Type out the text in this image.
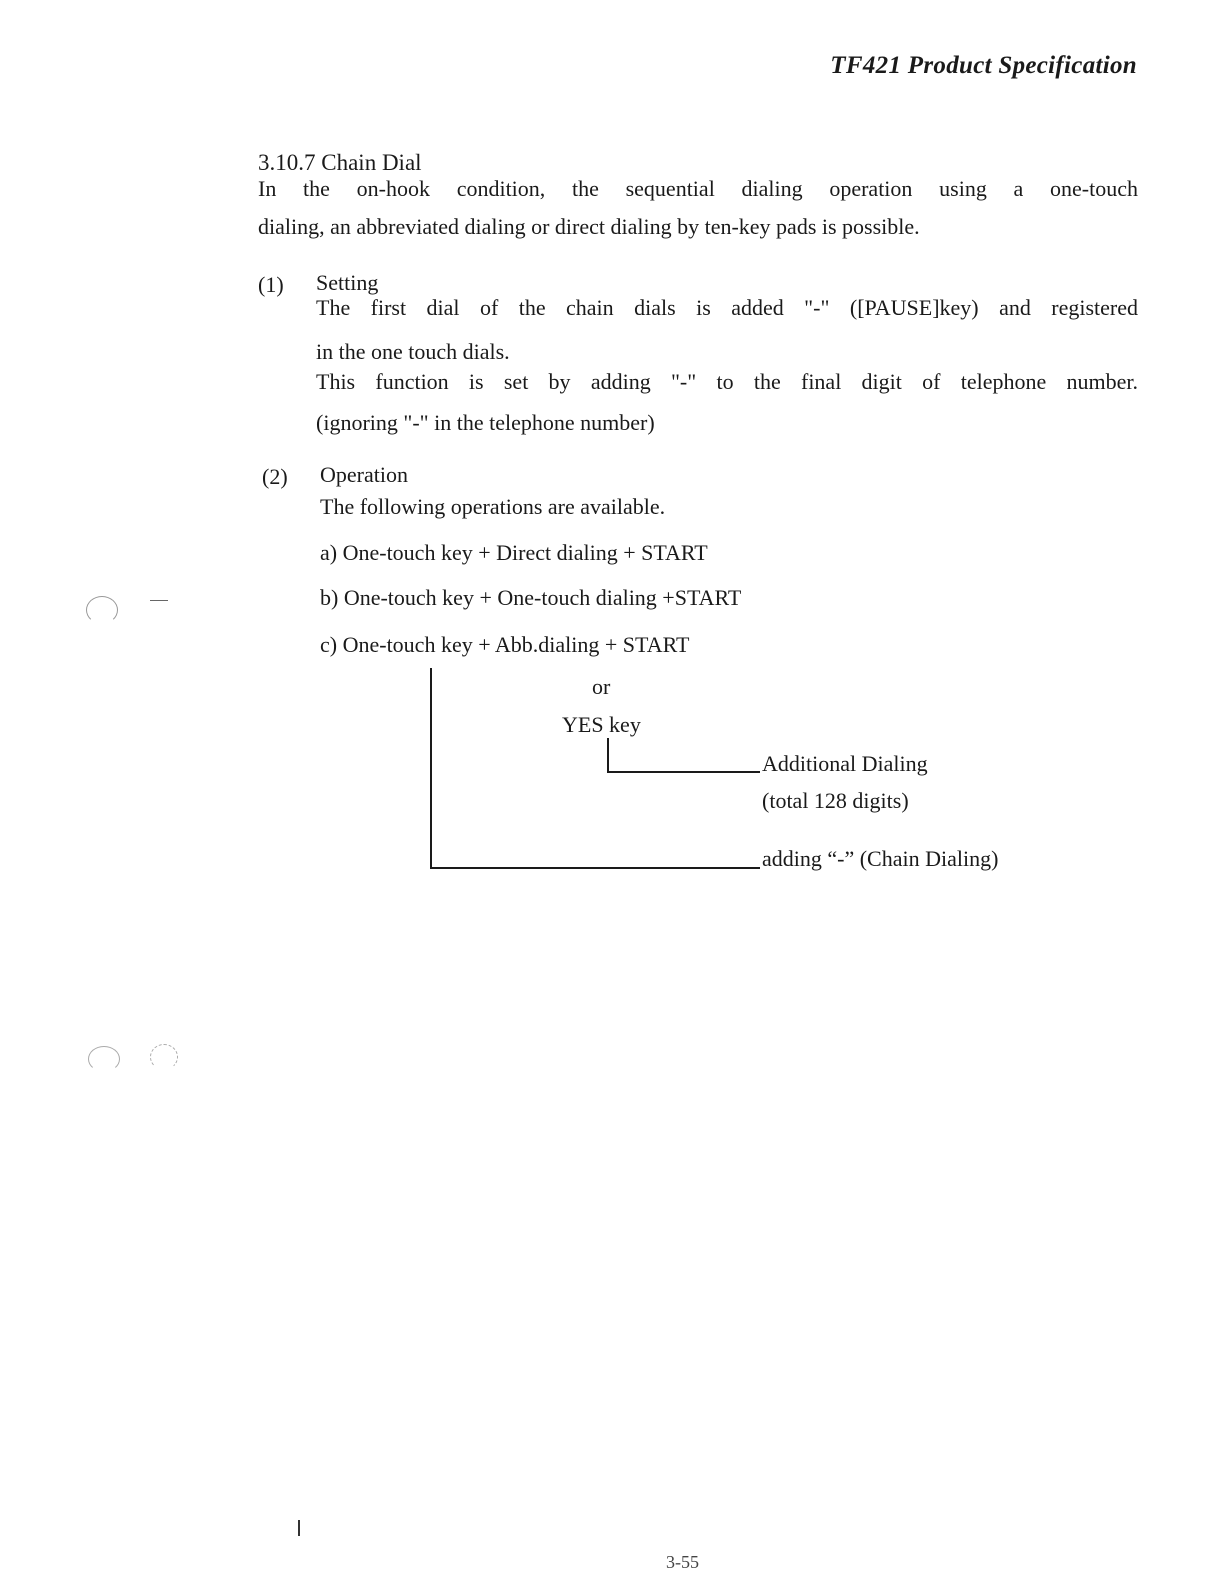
TF421 Product Specification
3.10.7 Chain Dial
In the on-hook condition, the sequential dialing operation using a one-touch
dialing, an abbreviated dialing or direct dialing by ten-key pads is possible.
(1) Setting
The first dial of the chain dials is added "-" ([PAUSE]key) and registered
in the one touch dials.
This function is set by adding "-" to the final digit of telephone number.
(ignoring "-" in the telephone number)
(2) Operation
The following operations are available.
a) One-touch key + Direct dialing + START
b) One-touch key + One-touch dialing +START
c) One-touch key + Abb.dialing + START
or
YES key
Additional Dialing
(total 128 digits)
adding “-” (Chain Dialing)
3-55
